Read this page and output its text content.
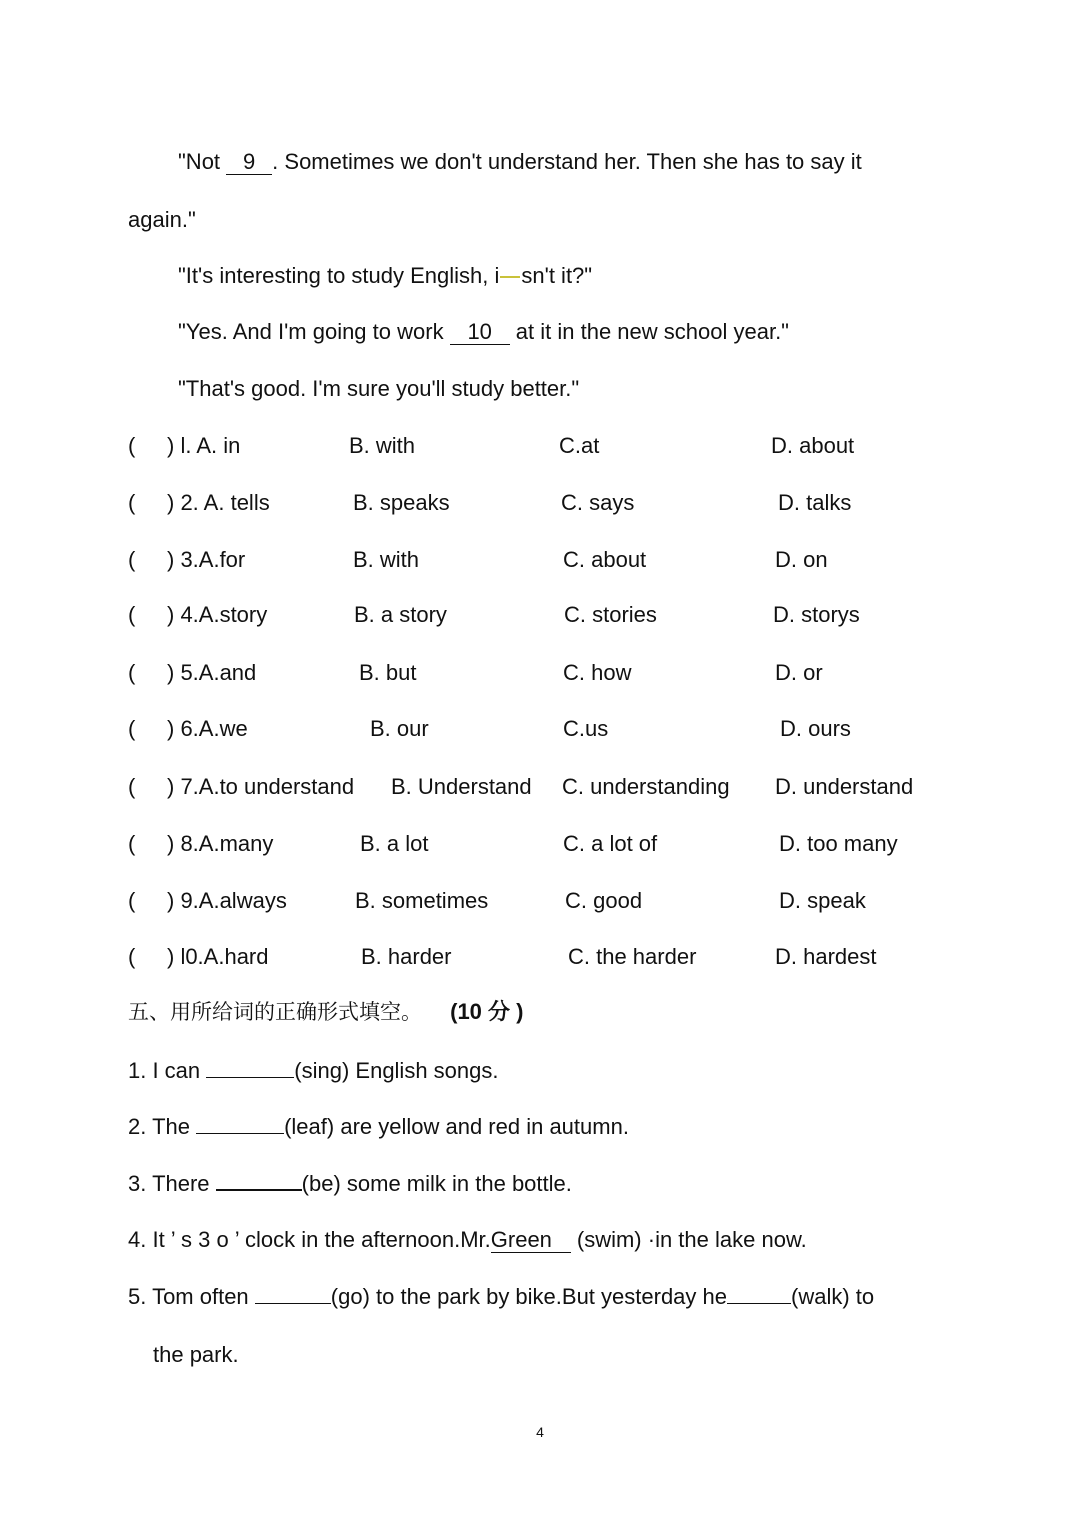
"Not 9 . Sometimes we don't understand her. Then she has to say it
again."
"It's interesting to study English, i sn't it?"
"Yes. And I'm going to work 10 at it in the new school year."
"That's good. I'm sure you'll study better."
( ) l. A. in	B. with	C.at	D. about
( ) 2. A. tells	B. speaks	C. says	D. talks
( ) 3.A.for	B. with	C. about	D. on
( ) 4.A.story	B. a story	C. stories	D. storys
( ) 5.A.and	B. but	C. how	D. or
( ) 6.A.we	B. our	C.us	D. ours
( ) 7.A.to understand B. Understand C. understanding D. understand
( ) 8.A.many	B. a lot	C. a lot of	D. too many
( ) 9.A.always	B. sometimes	C. good	D. speak
( ) l0.A.hard	B. harder	C. the harder	D. hardest
五、用所给词的正确形式填空。 (10 分 )
1. I can	(sing) English songs.
2. The	(leaf) are yellow and red in autumn.
3. There	(be) some milk in the bottle.
4. It ’ s 3 o ’ clock in the afternoon.Mr.Green (swim) ·in the lake now.
5. Tom often	(go) to the park by bike.But yesterday he	(walk) to
the park.
4
